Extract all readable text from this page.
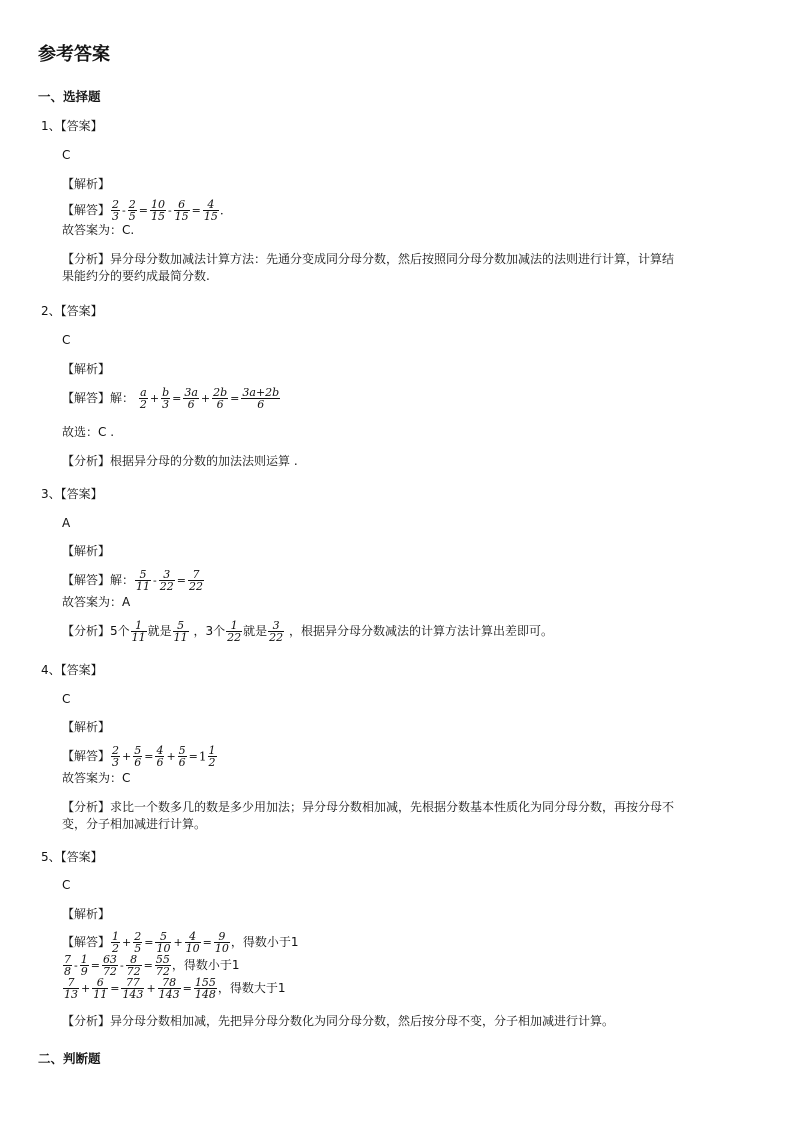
参考答案
一、选择题
1、【答案】
C
【解析】
【解答】 $\frac{2}{3} - \frac{2}{5} = \frac{10}{15} - \frac{6}{15} = \frac{4}{15}$ .
故答案为：C.
【分析】异分母分数加减法计算方法：先通分变成同分母分数，然后按照同分母分数加减法的法则进行计算，计算结
果能约分的要约成最简分数.
2、【答案】
C
【解析】
【解答】解： $\frac{a}{2} + \frac{b}{3} = \frac{3a}{6} + \frac{2b}{6} = \frac{3a+2b}{6}$
故选：C .
【分析】根据异分母的分数的加法法则运算 .
3、【答案】
A
【解析】
【解答】解： $\frac{5}{11} - \frac{3}{22} = \frac{7}{22}$
故答案为：A
【分析】5个 $\frac{1}{11}$ 就是 $\frac{5}{11}$ ，3个 $\frac{1}{22}$ 就是 $\frac{3}{22}$ ，根据异分母分数减法的计算方法计算出差即可。
4、【答案】
C
【解析】
【解答】 $\frac{2}{3} + \frac{5}{6} = \frac{4}{6} + \frac{5}{6} =1 \frac{1}{2}$
故答案为：C
【分析】求比一个数多几的数是多少用加法；异分母分数相加减，先根据分数基本性质化为同分母分数，再按分母不
变，分子相加减进行计算。
5、【答案】
C
【解析】
【解答】 $\frac{1}{2} + \frac{2}{5} = \frac{5}{10} + \frac{4}{10} = \frac{9}{10}$ ，得数小于1
$\frac{7}{8} - \frac{1}{9} = \frac{63}{72} - \frac{8}{72} = \frac{55}{72}$ ，得数小于1
$\frac{7}{13} + \frac{6}{11} = \frac{77}{143} + \frac{78}{143} = \frac{155}{148}$ ，得数大于1
【分析】异分母分数相加减，先把异分母分数化为同分母分数，然后按分母不变，分子相加减进行计算。
二、判断题
